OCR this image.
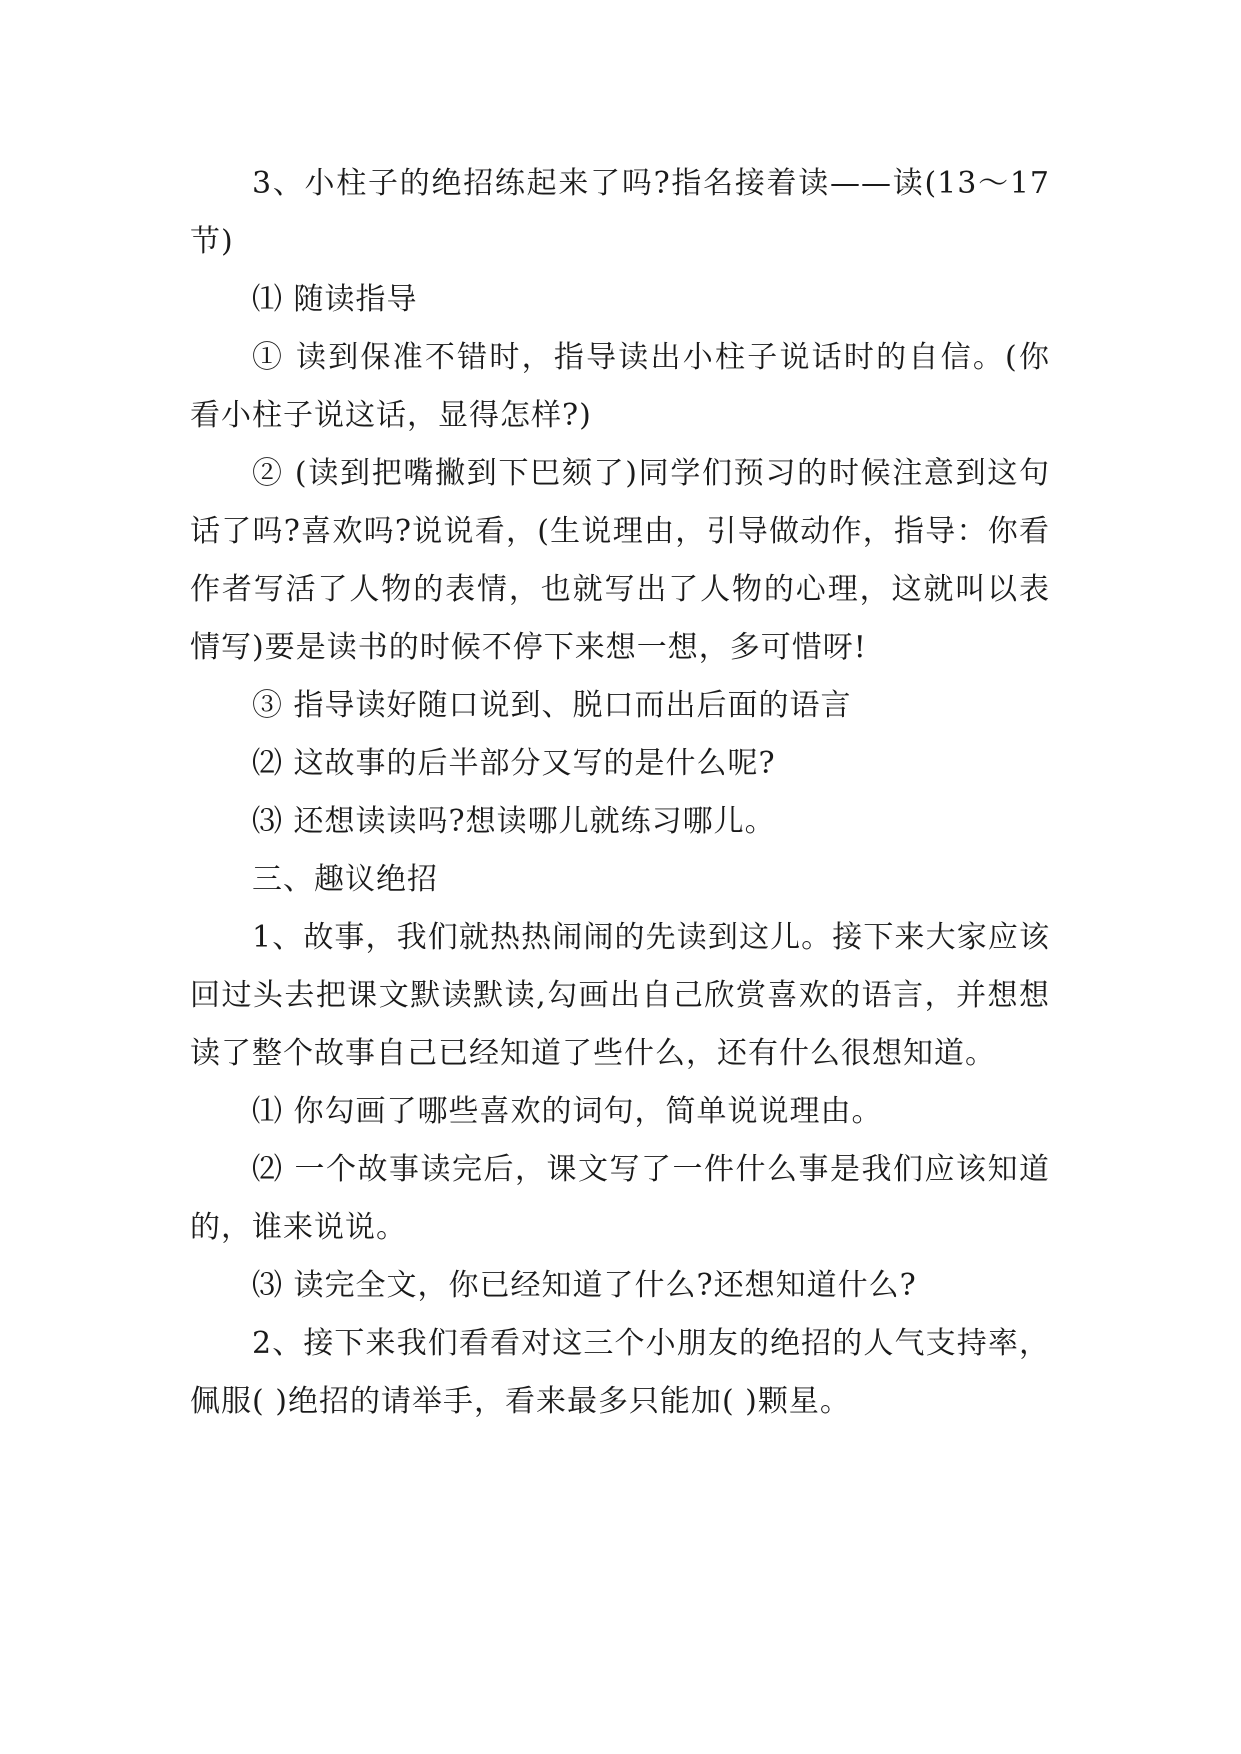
3、小柱子的绝招练起来了吗?指名接着读——读(13～17节)

⑴ 随读指导

① 读到保准不错时，指导读出小柱子说话时的自信。(你看小柱子说这话，显得怎样?)

② (读到把嘴撇到下巴颏了)同学们预习的时候注意到这句话了吗?喜欢吗?说说看，(生说理由，引导做动作，指导：你看作者写活了人物的表情，也就写出了人物的心理，这就叫以表情写)要是读书的时候不停下来想一想，多可惜呀!

③ 指导读好随口说到、脱口而出后面的语言

⑵ 这故事的后半部分又写的是什么呢?

⑶ 还想读读吗?想读哪儿就练习哪儿。

三、趣议绝招

1、故事，我们就热热闹闹的先读到这儿。接下来大家应该回过头去把课文默读默读,勾画出自己欣赏喜欢的语言，并想想读了整个故事自己已经知道了些什么，还有什么很想知道。

⑴ 你勾画了哪些喜欢的词句，简单说说理由。

⑵ 一个故事读完后，课文写了一件什么事是我们应该知道的，谁来说说。

⑶ 读完全文，你已经知道了什么?还想知道什么?

2、接下来我们看看对这三个小朋友的绝招的人气支持率，佩服( )绝招的请举手，看来最多只能加( )颗星。
